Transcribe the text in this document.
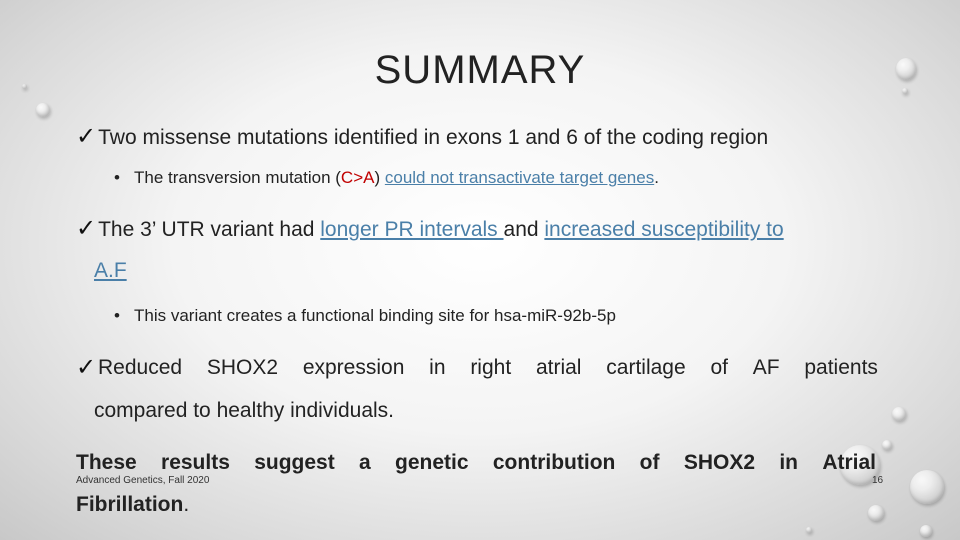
SUMMARY
✓Two missense mutations identified in exons 1 and 6 of the coding region
• The transversion mutation (C>A) could not transactivate target genes.
✓The 3’ UTR variant had longer PR intervals and increased susceptibility to
A.F
• This variant creates a functional binding site for hsa-miR-92b-5p
✓ Reduced SHOX2 expression in right atrial cartilage of AF patients
compared to healthy individuals.
These results suggest a genetic contribution of SHOX2 in Atrial
Advanced Genetics, Fall 2020	16
Fibrillation.
